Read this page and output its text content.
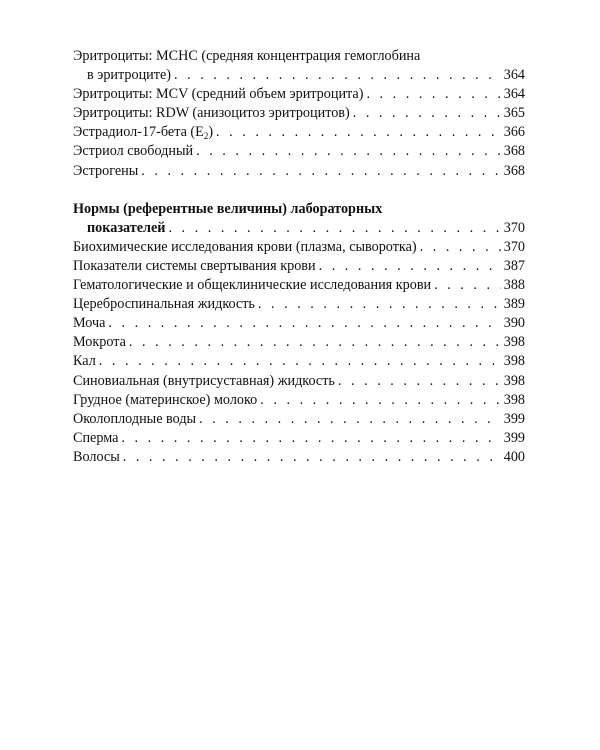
Эритроциты: MCHC (средняя концентрация гемоглобина
в эритроците) . . .	364
Эритроциты: MCV (средний объем эритроцита) . . .	364
Эритроциты: RDW (анизоцитоз эритроцитов) . . .	365
Эстрадиол-17-бета $(E_2)$ . . .	366
Эстриол свободный . . .	368
Эстрогены . . .	368
Нормы (референтные величины) лабораторных
показателей . . .	370
Биохимические исследования крови (плазма, сыворотка) . . .	370
Показатели системы свертывания крови . . .	387
Гематологические и общеклинические исследования крови . . .	388
Цереброспинальная жидкость . . .	389
Моча . . .	390
Мокрота . . .	398
Кал . . .	398
Синовиальная (внутрисуставная) жидкость . . .	398
Грудное (материнское) молоко . . .	398
Околоплодные воды . . .	399
Сперма . . .	399
Волосы . . .	400
